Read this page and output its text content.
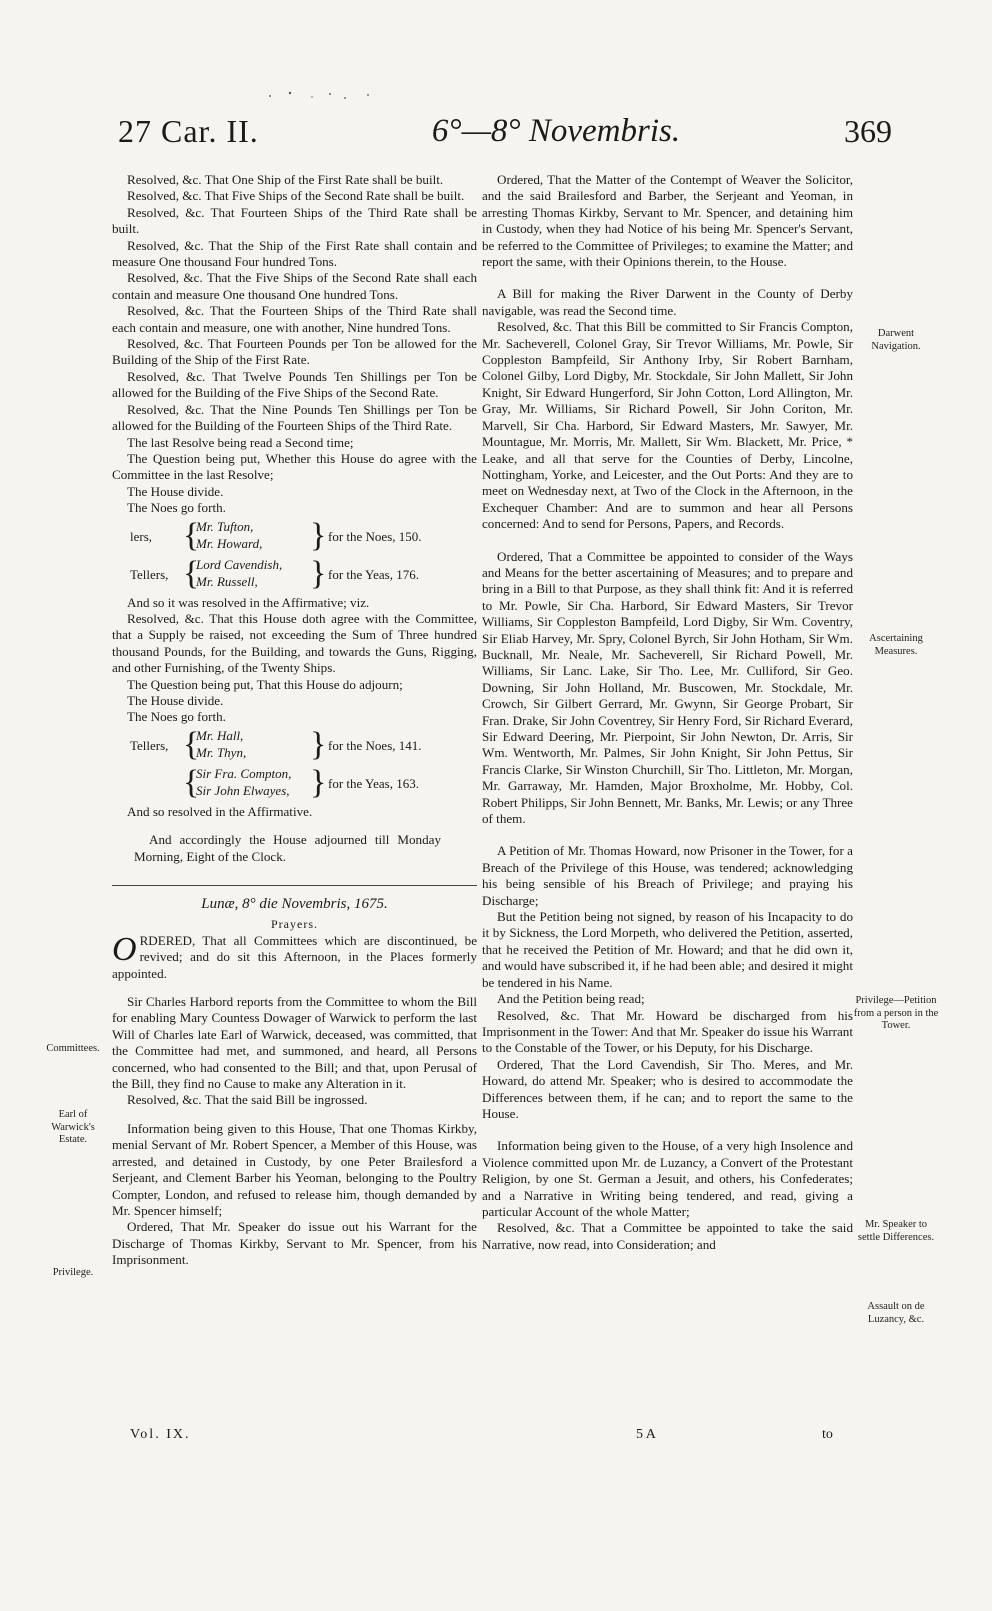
27 Car. II.	6°—8° Novembris.	369
Committees.
Earl of Warwick's Estate.
Privilege.
Darwent Navigation.
Ascertaining Measures.
Privilege—Petition from a person in the Tower.
Mr. Speaker to settle Differences.
Assault on de Luzancy, &c.

Resolved, &c. That One Ship of the First Rate shall be built.

Resolved, &c. That Five Ships of the Second Rate shall be built.

Resolved, &c. That Fourteen Ships of the Third Rate shall be built.

Resolved, &c. That the Ship of the First Rate shall contain and measure One thousand Four hundred Tons.

Resolved, &c. That the Five Ships of the Second Rate shall each contain and measure One thousand One hundred Tons.

Resolved, &c. That the Fourteen Ships of the Third Rate shall each contain and measure, one with another, Nine hundred Tons.

Resolved, &c. That Fourteen Pounds per Ton be allowed for the Building of the Ship of the First Rate.

Resolved, &c. That Twelve Pounds Ten Shillings per Ton be allowed for the Building of the Five Ships of the Second Rate.

Resolved, &c. That the Nine Pounds Ten Shillings per Ton be allowed for the Building of the Fourteen Ships of the Third Rate.

The last Resolve being read a Second time;

The Question being put, Whether this House do agree with the Committee in the last Resolve;

The House divide.

The Noes go forth.

lers, {
Mr. Tufton,
Mr. Howard, } for the Noes, 150.
Tellers, {
Lord Cavendish,
Mr. Russell, } for the Yeas, 176.

And so it was resolved in the Affirmative; viz.

Resolved, &c. That this House doth agree with the Committee, that a Supply be raised, not exceeding the Sum of Three hundred thousand Pounds, for the Building, and towards the Guns, Rigging, and other Furnishing, of the Twenty Ships.

The Question being put, That this House do adjourn;

The House divide.

The Noes go forth.

Tellers, {
Mr. Hall,
Mr. Thyn, } for the Noes, 141.
{
Sir Fra. Compton,
Sir John Elwayes, } for the Yeas, 163.

And so resolved in the Affirmative.

And accordingly the House adjourned till Monday Morning, Eight of the Clock.

Lunæ, 8° die Novembris, 1675.

Prayers.

ORDERED, That all Committees which are discontinued, be revived; and do sit this Afternoon, in the Places formerly appointed.

Sir Charles Harbord reports from the Committee to whom the Bill for enabling Mary Countess Dowager of Warwick to perform the last Will of Charles late Earl of Warwick, deceased, was committed, that the Committee had met, and summoned, and heard, all Persons concerned, who had consented to the Bill; and that, upon Perusal of the Bill, they find no Cause to make any Alteration in it.

Resolved, &c. That the said Bill be ingrossed.

Information being given to this House, That one Thomas Kirkby, menial Servant of Mr. Robert Spencer, a Member of this House, was arrested, and detained in Custody, by one Peter Brailesford a Serjeant, and Clement Barber his Yeoman, belonging to the Poultry Compter, London, and refused to release him, though demanded by Mr. Spencer himself;

Ordered, That Mr. Speaker do issue out his Warrant for the Discharge of Thomas Kirkby, Servant to Mr. Spencer, from his Imprisonment.

Ordered, That the Matter of the Contempt of Weaver the Solicitor, and the said Brailesford and Barber, the Serjeant and Yeoman, in arresting Thomas Kirkby, Servant to Mr. Spencer, and detaining him in Custody, when they had Notice of his being Mr. Spencer's Servant, be referred to the Committee of Privileges; to examine the Matter; and report the same, with their Opinions therein, to the House.

A Bill for making the River Darwent in the County of Derby navigable, was read the Second time.

Resolved, &c. That this Bill be committed to Sir Francis Compton, Mr. Sacheverell, Colonel Gray, Sir Trevor Williams, Mr. Powle, Sir Coppleston Bampfeild, Sir Anthony Irby, Sir Robert Barnham, Colonel Gilby, Lord Digby, Mr. Stockdale, Sir John Mallett, Sir John Knight, Sir Edward Hungerford, Sir John Cotton, Lord Allington, Mr. Gray, Mr. Williams, Sir Richard Powell, Sir John Coriton, Mr. Marvell, Sir Cha. Harbord, Sir Edward Masters, Mr. Sawyer, Mr. Mountague, Mr. Morris, Mr. Mallett, Sir Wm. Blackett, Mr. Price, * Leake, and all that serve for the Counties of Derby, Lincolne, Nottingham, Yorke, and Leicester, and the Out Ports: And they are to meet on Wednesday next, at Two of the Clock in the Afternoon, in the Exchequer Chamber: And are to summon and hear all Persons concerned: And to send for Persons, Papers, and Records.

Ordered, That a Committee be appointed to consider of the Ways and Means for the better ascertaining of Measures; and to prepare and bring in a Bill to that Purpose, as they shall think fit: And it is referred to Mr. Powle, Sir Cha. Harbord, Sir Edward Masters, Sir Trevor Williams, Sir Coppleston Bampfeild, Lord Digby, Sir Wm. Coventry, Sir Eliab Harvey, Mr. Spry, Colonel Byrch, Sir John Hotham, Sir Wm. Bucknall, Mr. Neale, Mr. Sacheverell, Sir Richard Powell, Mr. Williams, Sir Lanc. Lake, Sir Tho. Lee, Mr. Culliford, Sir Geo. Downing, Sir John Holland, Mr. Buscowen, Mr. Stockdale, Mr. Crowch, Sir Gilbert Gerrard, Mr. Gwynn, Sir George Probart, Sir Fran. Drake, Sir John Coventrey, Sir Henry Ford, Sir Richard Everard, Sir Edward Deering, Mr. Pierpoint, Sir John Newton, Dr. Arris, Sir Wm. Wentworth, Mr. Palmes, Sir John Knight, Sir John Pettus, Sir Francis Clarke, Sir Winston Churchill, Sir Tho. Littleton, Mr. Morgan, Mr. Garraway, Mr. Hamden, Major Broxholme, Mr. Hobby, Col. Robert Philipps, Sir John Bennett, Mr. Banks, Mr. Lewis; or any Three of them.

A Petition of Mr. Thomas Howard, now Prisoner in the Tower, for a Breach of the Privilege of this House, was tendered; acknowledging his being sensible of his Breach of Privilege; and praying his Discharge;

But the Petition being not signed, by reason of his Incapacity to do it by Sickness, the Lord Morpeth, who delivered the Petition, asserted, that he received the Petition of Mr. Howard; and that he did own it, and would have subscribed it, if he had been able; and desired it might be tendered in his Name.

And the Petition being read;

Resolved, &c. That Mr. Howard be discharged from his Imprisonment in the Tower: And that Mr. Speaker do issue his Warrant to the Constable of the Tower, or his Deputy, for his Discharge.

Ordered, That the Lord Cavendish, Sir Tho. Meres, and Mr. Howard, do attend Mr. Speaker; who is desired to accommodate the Differences between them, if he can; and to report the same to the House.

Information being given to the House, of a very high Insolence and Violence committed upon Mr. de Luzancy, a Convert of the Protestant Religion, by one St. German a Jesuit, and others, his Confederates; and a Narrative in Writing being tendered, and read, giving a particular Account of the whole Matter;

Resolved, &c. That a Committee be appointed to take the said Narrative, now read, into Consideration; and

Vol. IX.	5 A	to
